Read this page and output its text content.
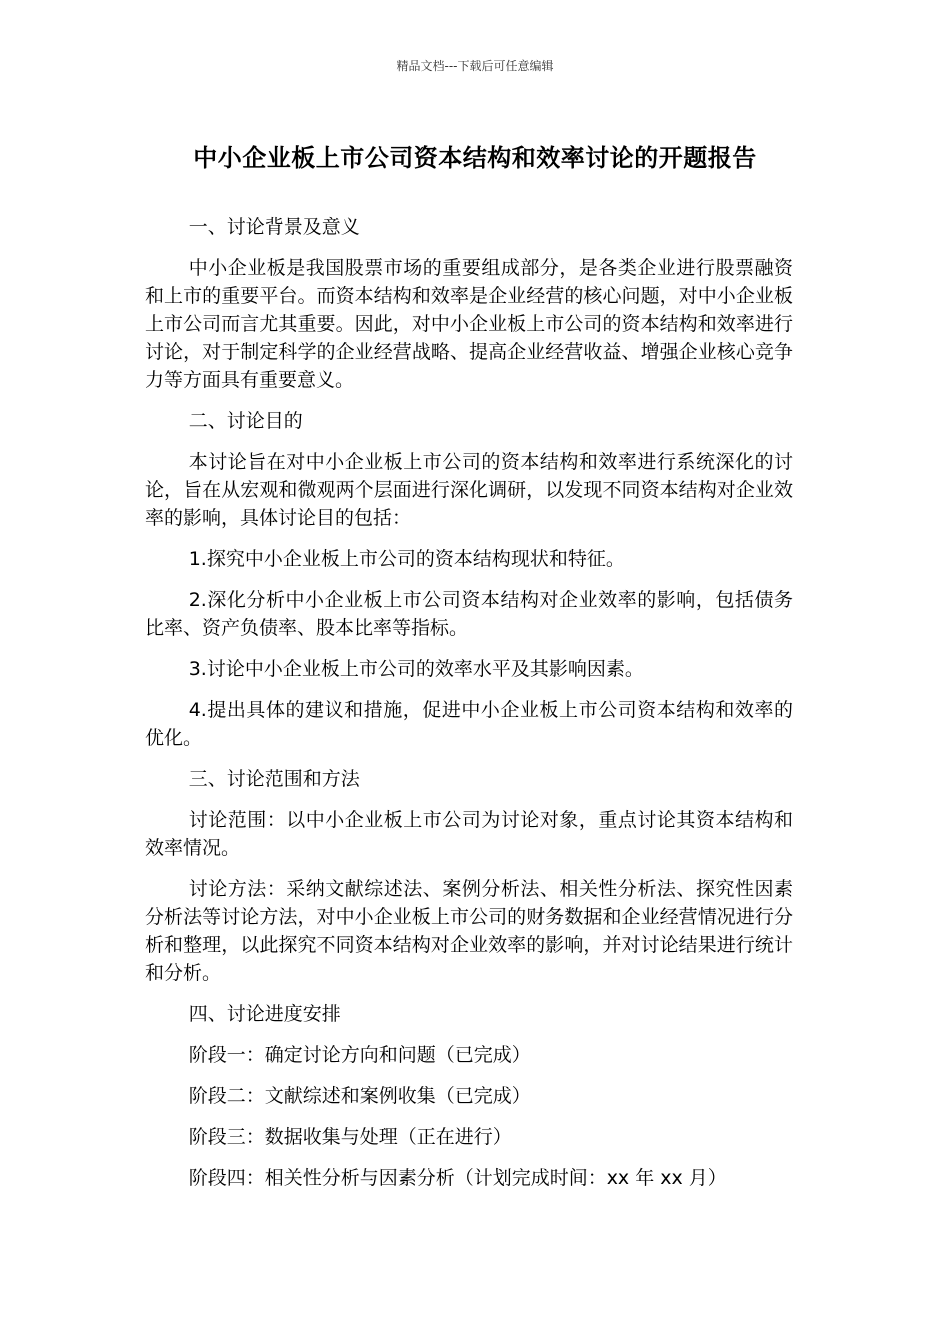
精品文档---下载后可任意编辑
中小企业板上市公司资本结构和效率讨论的开题报告

一、讨论背景及意义

中小企业板是我国股票市场的重要组成部分，是各类企业进行股票融资和上市的重要平台。而资本结构和效率是企业经营的核心问题，对中小企业板上市公司而言尤其重要。因此，对中小企业板上市公司的资本结构和效率进行讨论，对于制定科学的企业经营战略、提高企业经营收益、增强企业核心竞争力等方面具有重要意义。

二、讨论目的

本讨论旨在对中小企业板上市公司的资本结构和效率进行系统深化的讨论，旨在从宏观和微观两个层面进行深化调研，以发现不同资本结构对企业效率的影响，具体讨论目的包括：

1.探究中小企业板上市公司的资本结构现状和特征。

2.深化分析中小企业板上市公司资本结构对企业效率的影响，包括债务比率、资产负债率、股本比率等指标。

3.讨论中小企业板上市公司的效率水平及其影响因素。

4.提出具体的建议和措施，促进中小企业板上市公司资本结构和效率的优化。

三、讨论范围和方法

讨论范围：以中小企业板上市公司为讨论对象，重点讨论其资本结构和效率情况。

讨论方法：采纳文献综述法、案例分析法、相关性分析法、探究性因素分析法等讨论方法，对中小企业板上市公司的财务数据和企业经营情况进行分析和整理，以此探究不同资本结构对企业效率的影响，并对讨论结果进行统计和分析。

四、讨论进度安排

阶段一：确定讨论方向和问题（已完成）

阶段二：文献综述和案例收集（已完成）

阶段三：数据收集与处理（正在进行）

阶段四：相关性分析与因素分析（计划完成时间：xx 年 xx 月）
